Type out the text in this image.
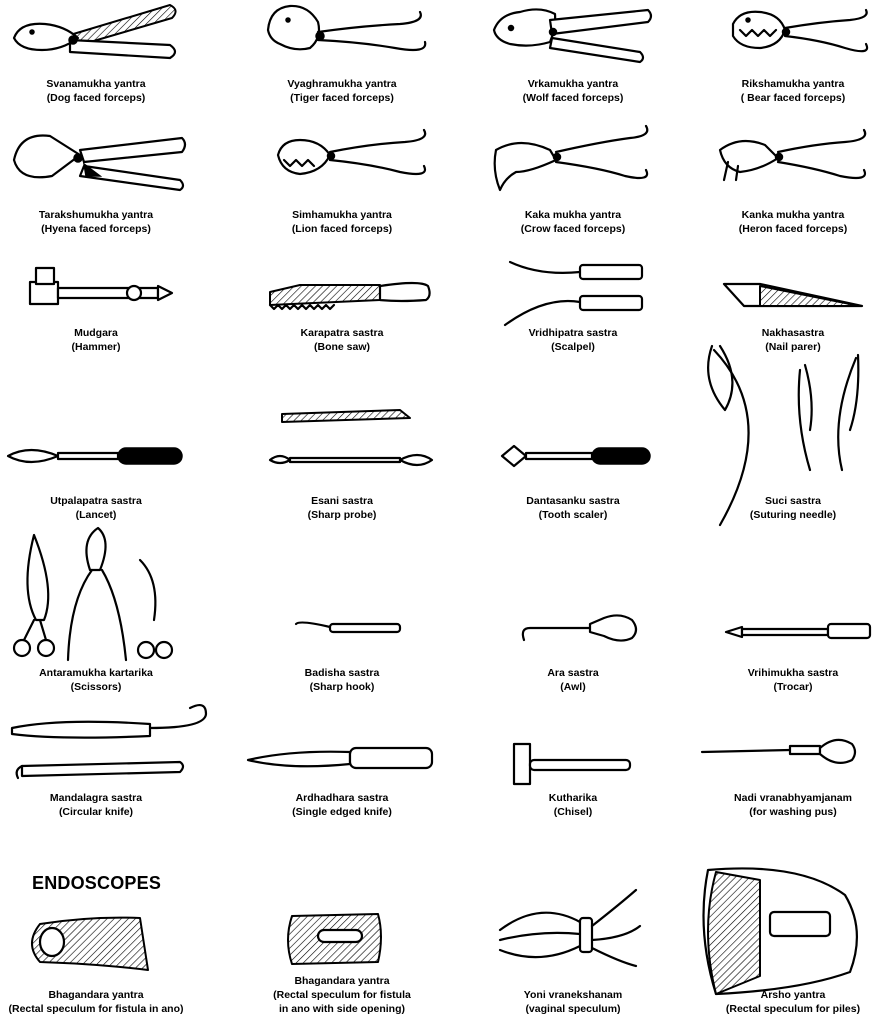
ENDOSCOPES
Svanamukha yantra
(Dog faced forceps)
Vyaghramukha yantra
(Tiger faced forceps)
Vrkamukha yantra
(Wolf faced forceps)
Rikshamukha yantra
( Bear faced forceps)
Tarakshumukha yantra
(Hyena faced forceps)
Simhamukha yantra
(Lion faced forceps)
Kaka mukha yantra
(Crow faced forceps)
Kanka mukha yantra
(Heron faced forceps)
Mudgara
(Hammer)
Karapatra sastra
(Bone saw)
Vridhipatra sastra
(Scalpel)
Nakhasastra
(Nail parer)
Utpalapatra sastra
(Lancet)
Esani sastra
(Sharp probe)
Dantasanku sastra
(Tooth scaler)
Suci sastra
(Suturing needle)
Antaramukha kartarika
(Scissors)
Badisha sastra
(Sharp hook)
Ara sastra
(Awl)
Vrihimukha sastra
(Trocar)
Mandalagra sastra
(Circular knife)
Ardhadhara sastra
(Single edged knife)
Kutharika
(Chisel)
Nadi vranabhyamjanam
(for washing pus)
Bhagandara yantra
(Rectal speculum for fistula in ano)
Bhagandara yantra
(Rectal speculum for fistula
in ano with side opening)
Yoni vranekshanam
(vaginal speculum)
Arsho yantra
(Rectal speculum for piles)
